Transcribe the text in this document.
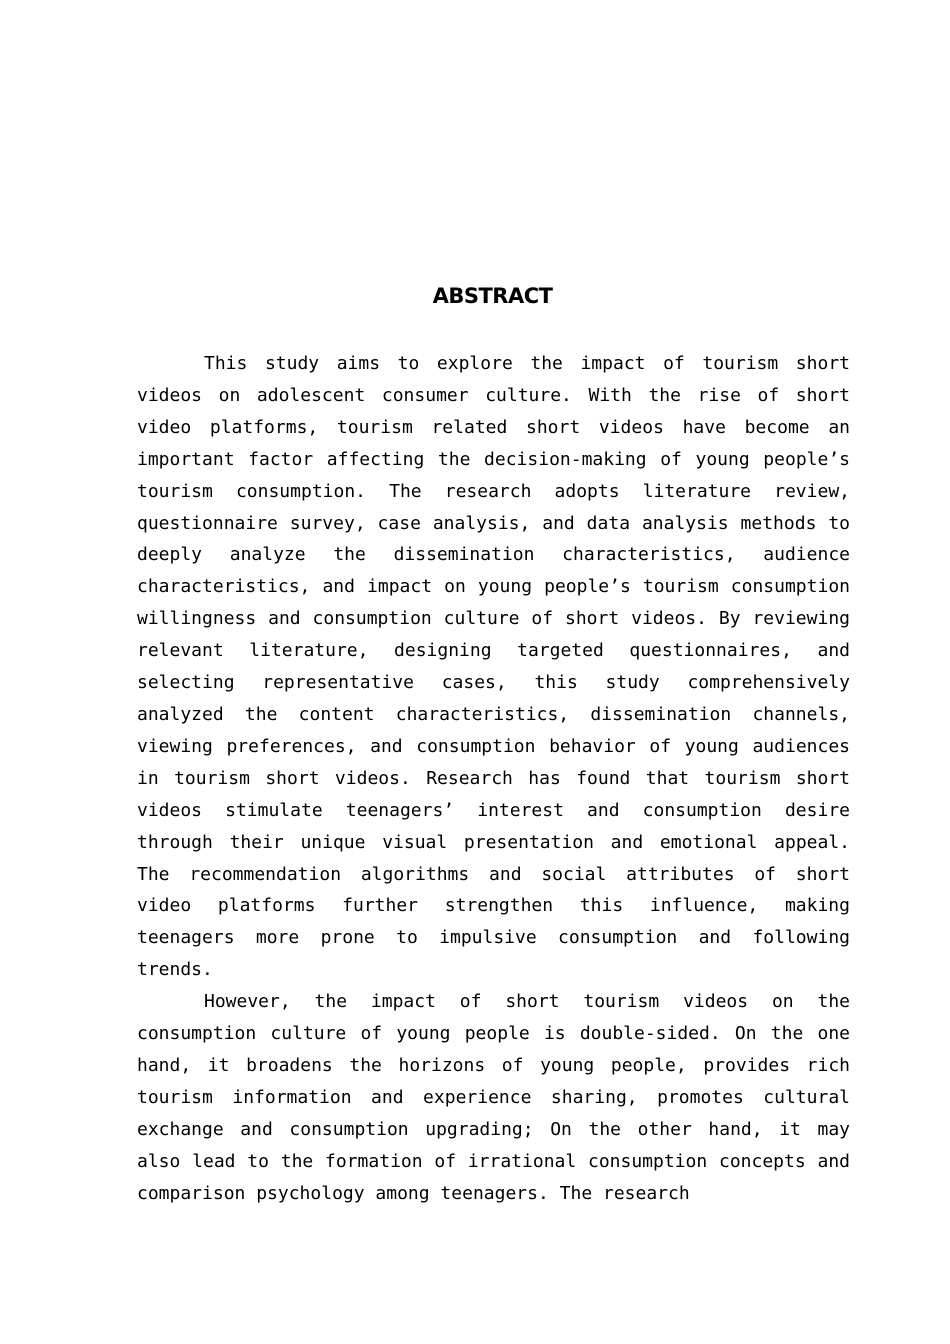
ABSTRACT

This study aims to explore the impact of tourism short videos on adolescent consumer culture. With the rise of short video platforms, tourism related short videos have become an important factor affecting the decision-making of young people’s tourism consumption. The research adopts literature review, questionnaire survey, case analysis, and data analysis methods to deeply analyze the dissemination characteristics, audience characteristics, and impact on young people’s tourism consumption willingness and consumption culture of short videos. By reviewing relevant literature, designing targeted questionnaires, and selecting representative cases, this study comprehensively analyzed the content characteristics, dissemination channels, viewing preferences, and consumption behavior of young audiences in tourism short videos. Research has found that tourism short videos stimulate teenagers’ interest and consumption desire through their unique visual presentation and emotional appeal. The recommendation algorithms and social attributes of short video platforms further strengthen this influence, making teenagers more prone to impulsive consumption and following trends.

However, the impact of short tourism videos on the consumption culture of young people is double-sided. On the one hand, it broadens the horizons of young people, provides rich tourism information and experience sharing, promotes cultural exchange and consumption upgrading; On the other hand, it may also lead to the formation of irrational consumption concepts and comparison psychology among teenagers. The research
